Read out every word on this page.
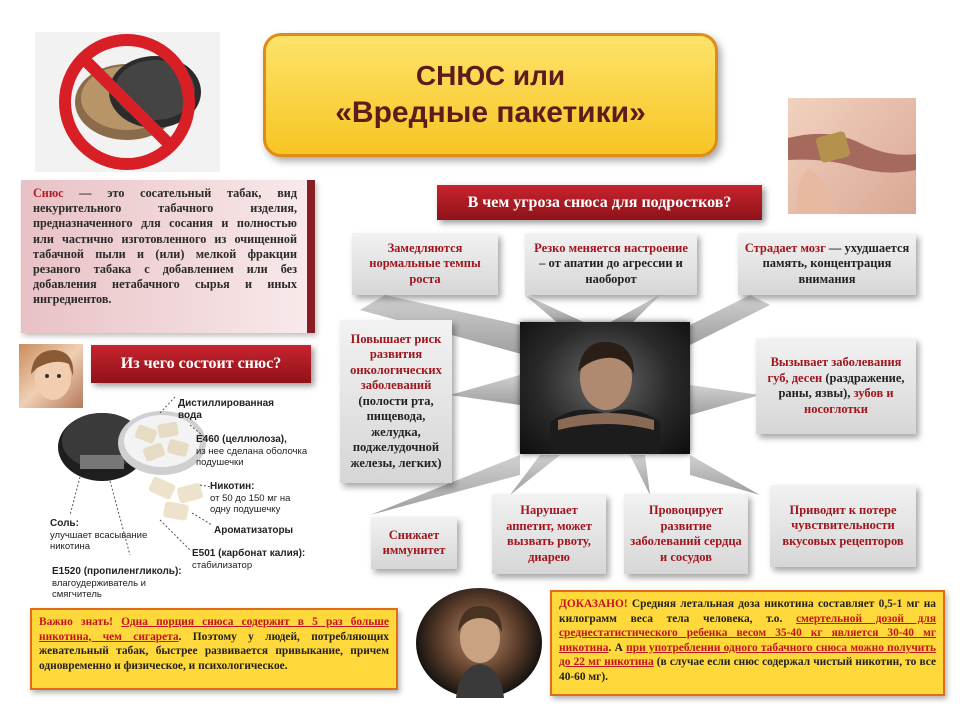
СНЮС или
«Вредные пакетики»
Снюс — это сосательный табак, вид некурительного табачного изделия, предназначенного для сосания и полностью или частично изготовленного из очищенной табачной пыли и (или) мелкой фракции резаного табака с добавлением или без добавления нетабачного сырья и иных ингредиентов.
В чем угроза снюса для подростков?
Из чего состоит снюс?
Дистиллированная вода
E460 (целлюлоза),
из нее сделана оболочка подушечки
Никотин:
от 50 до 150 мг на одну подушечку
Ароматизаторы
E501 (карбонат калия):
стабилизатор
Соль:
улучшает всасывание никотина
E1520 (пропиленгликоль):
влагоудерживатель и смягчитель
Замедляются нормальные темпы роста
Резко меняется настроение – от апатии до агрессии и наоборот
Страдает мозг — ухудшается память, концентрация внимания
Повышает риск развития онкологических заболеваний
(полости рта, пищевода, желудка, поджелудочной железы, легких)
Вызывает заболевания губ, десен (раздражение, раны, язвы), зубов и носоглотки
Снижает иммунитет
Нарушает аппетит, может вызвать рвоту, диарею
Провоцирует развитие заболеваний сердца и сосудов
Приводит к потере чувствительности вкусовых рецепторов
Важно знать! Одна порция снюса содержит в 5 раз больше никотина, чем сигарета. Поэтому у людей, потребляющих жевательный табак, быстрее развивается привыкание, причем одновременно и физическое, и психологическое.
ДОКАЗАНО! Средняя летальная доза никотина составляет 0,5-1 мг на килограмм веса тела человека, т.о. смертельной дозой для среднестатистического ребенка весом 35-40 кг является 30-40 мг никотина. А при употреблении одного табачного снюса можно получить до 22 мг никотина (в случае если снюс содержал чистый никотин, то все 40-60 мг).
